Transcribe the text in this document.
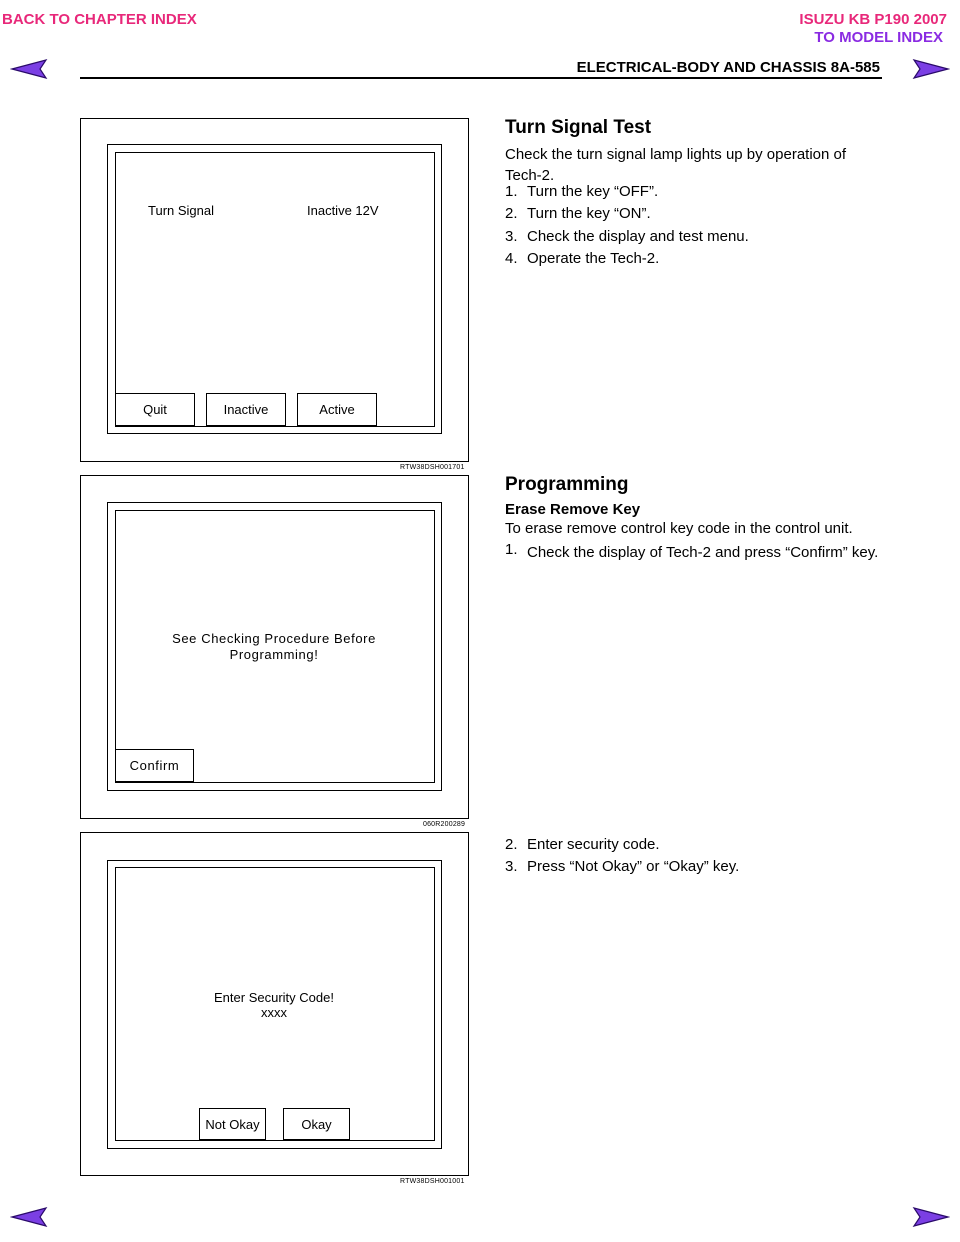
BACK TO CHAPTER INDEX	ISUZU KB P190 2007
TO MODEL INDEX
ELECTRICAL-BODY AND CHASSIS 8A-585
Turn Signal	Inactive 12V
Quit	Inactive	Active
RTW38DSH001701
See Checking Procedure Before
Programming!
Confirm
060R200289
Enter Security Code!
xxxx
Not Okay	Okay
RTW38DSH001001
Turn Signal Test
Check the turn signal lamp lights up by operation of Tech-2.
1. Turn the key “OFF”.
2. Turn the key “ON”.
3. Check the display and test menu.
4. Operate the Tech-2.
Programming
Erase Remove Key
To erase remove control key code in the control unit.
1. Check the display of Tech-2 and press “Confirm” key.
2. Enter security code.
3. Press “Not Okay” or “Okay” key.
